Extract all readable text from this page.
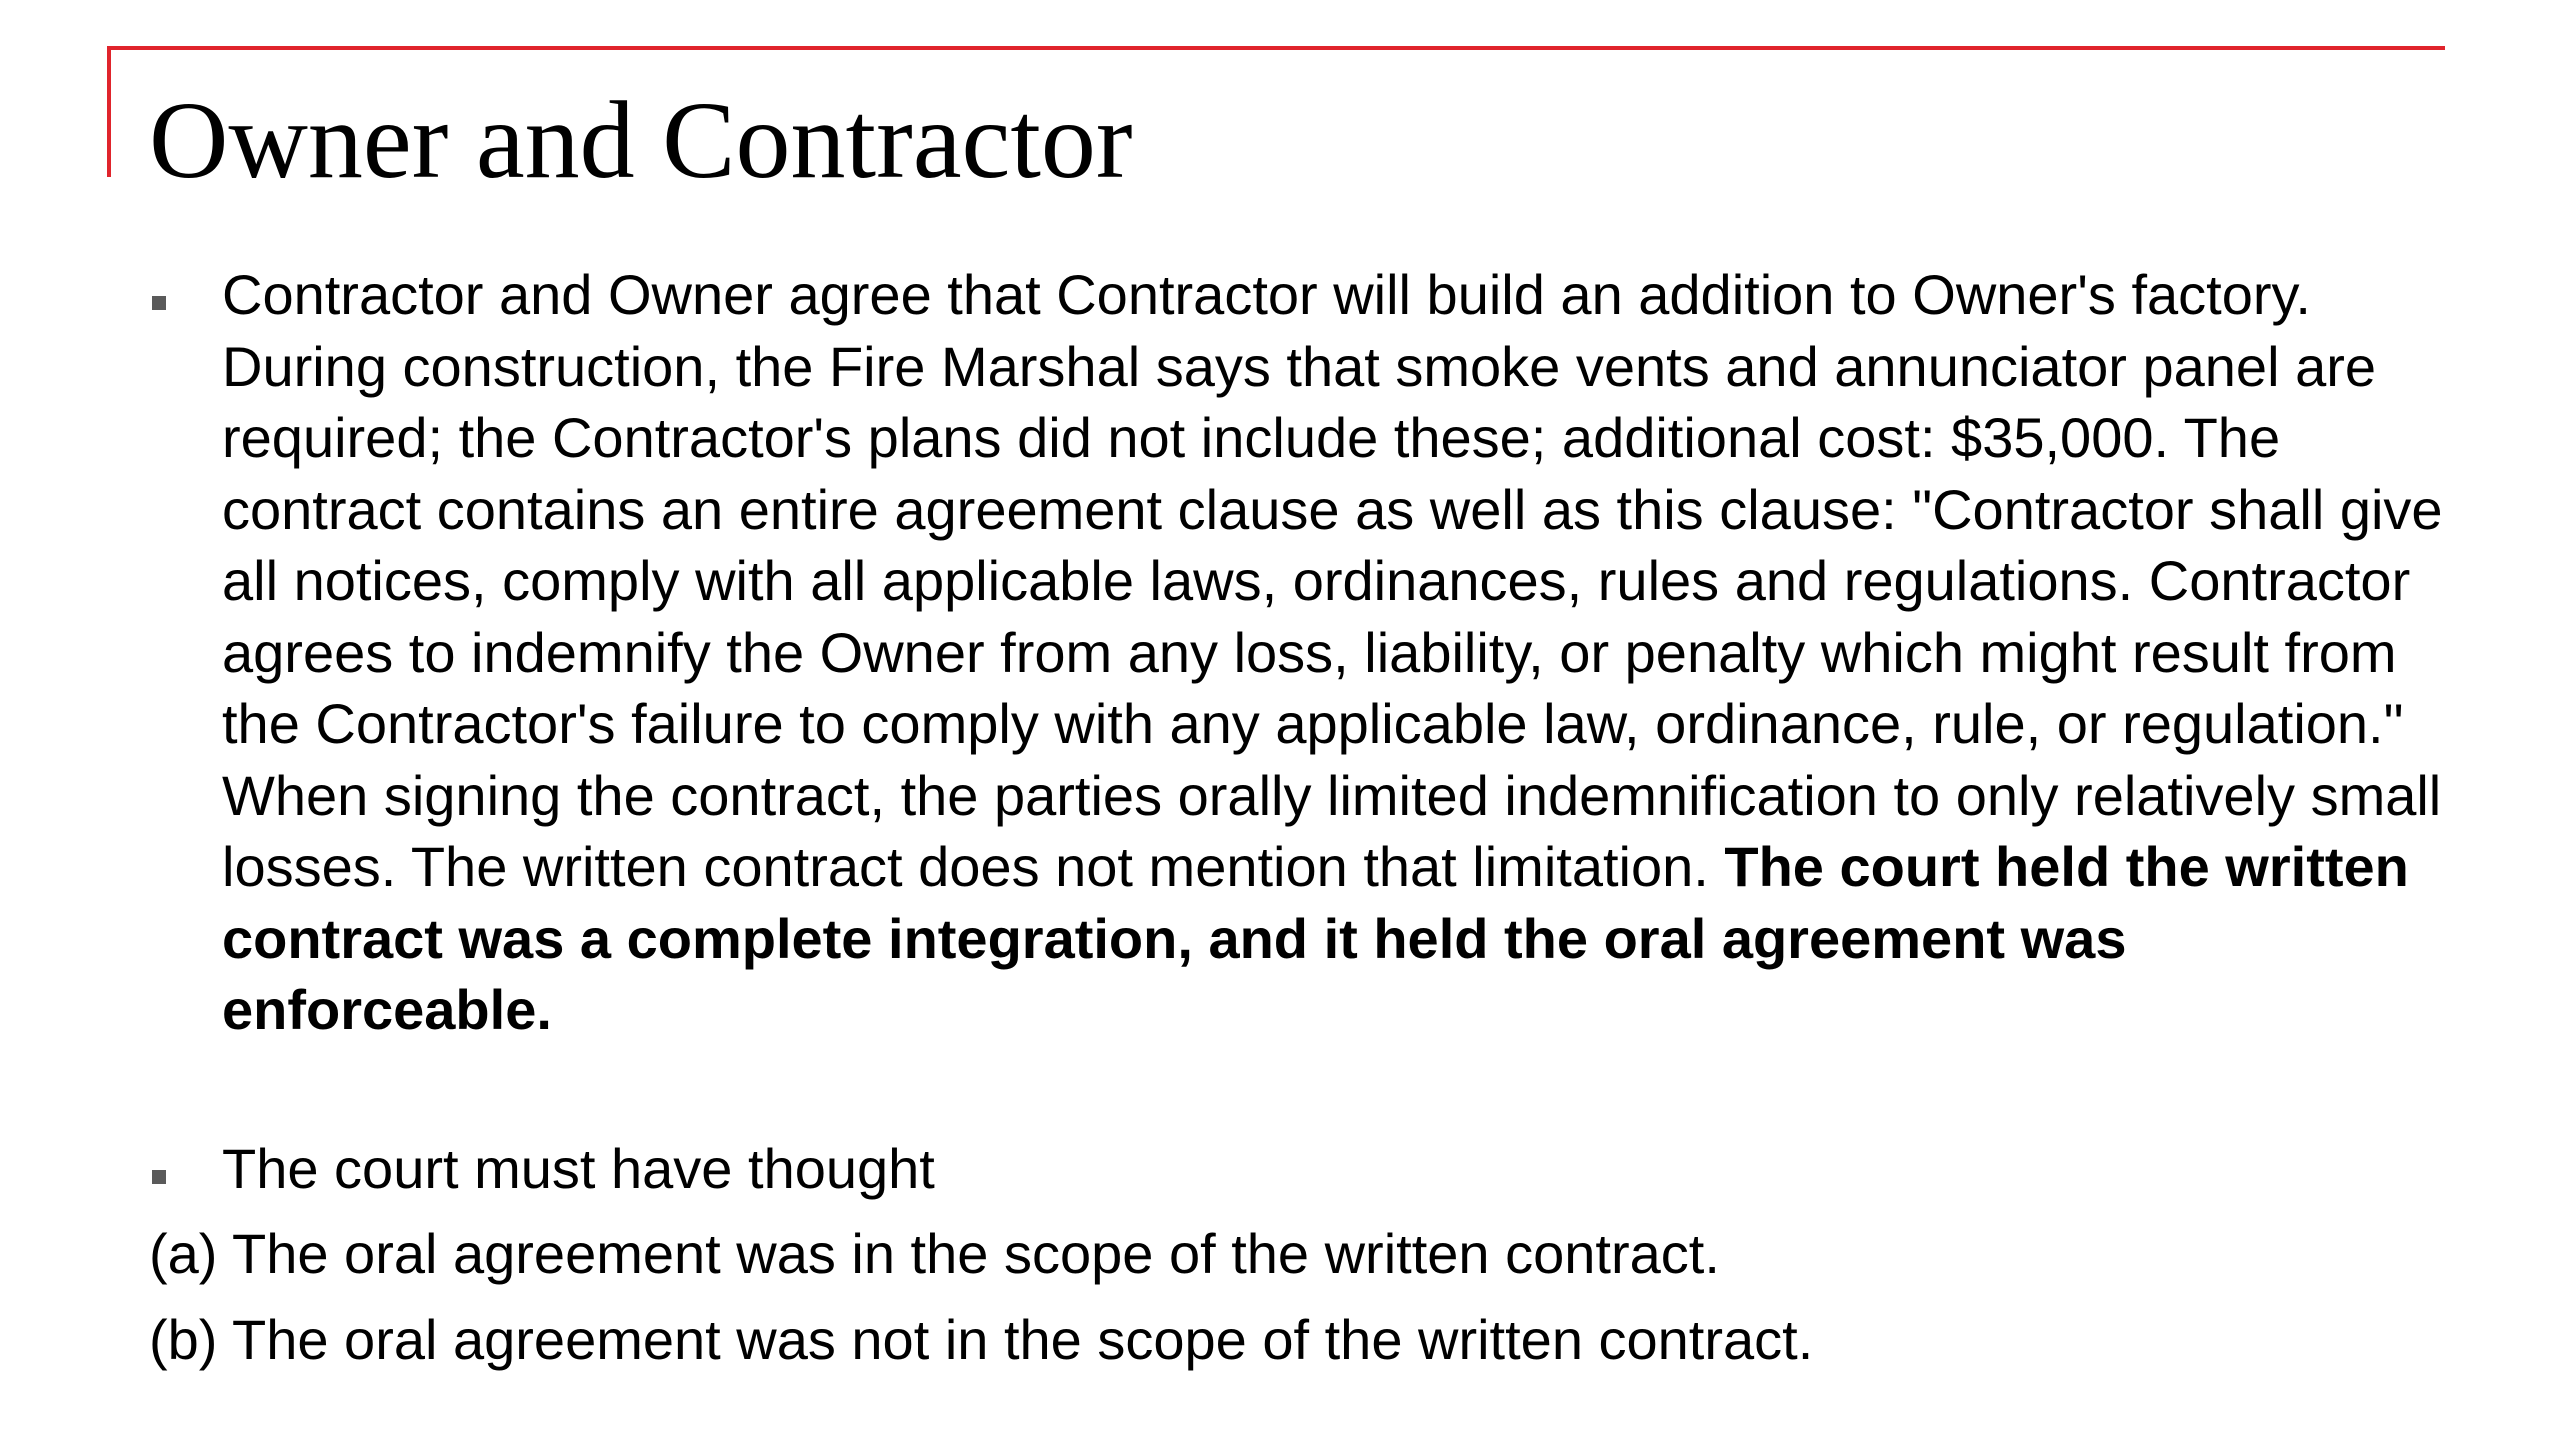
Owner and Contractor
Contractor and Owner agree that Contractor will build an addition to Owner's factory. During construction, the Fire Marshal says that smoke vents and annunciator panel are required; the Contractor's plans did not include these; additional cost: $35,000. The contract contains an entire agreement clause as well as this clause: "Contractor shall give all notices, comply with all applicable laws, ordinances, rules and regulations. Contractor agrees to indemnify the Owner from any loss, liability, or penalty which might result from the Contractor's failure to comply with any applicable law, ordinance, rule, or regulation." When signing the contract, the parties orally limited indemnification to only relatively small losses. The written contract does not mention that limitation. The court held the written contract was a complete integration, and it held the oral agreement was enforceable.
The court must have thought
(a) The oral agreement was in the scope of the written contract.
(b) The oral agreement was not in the scope of the written contract.
